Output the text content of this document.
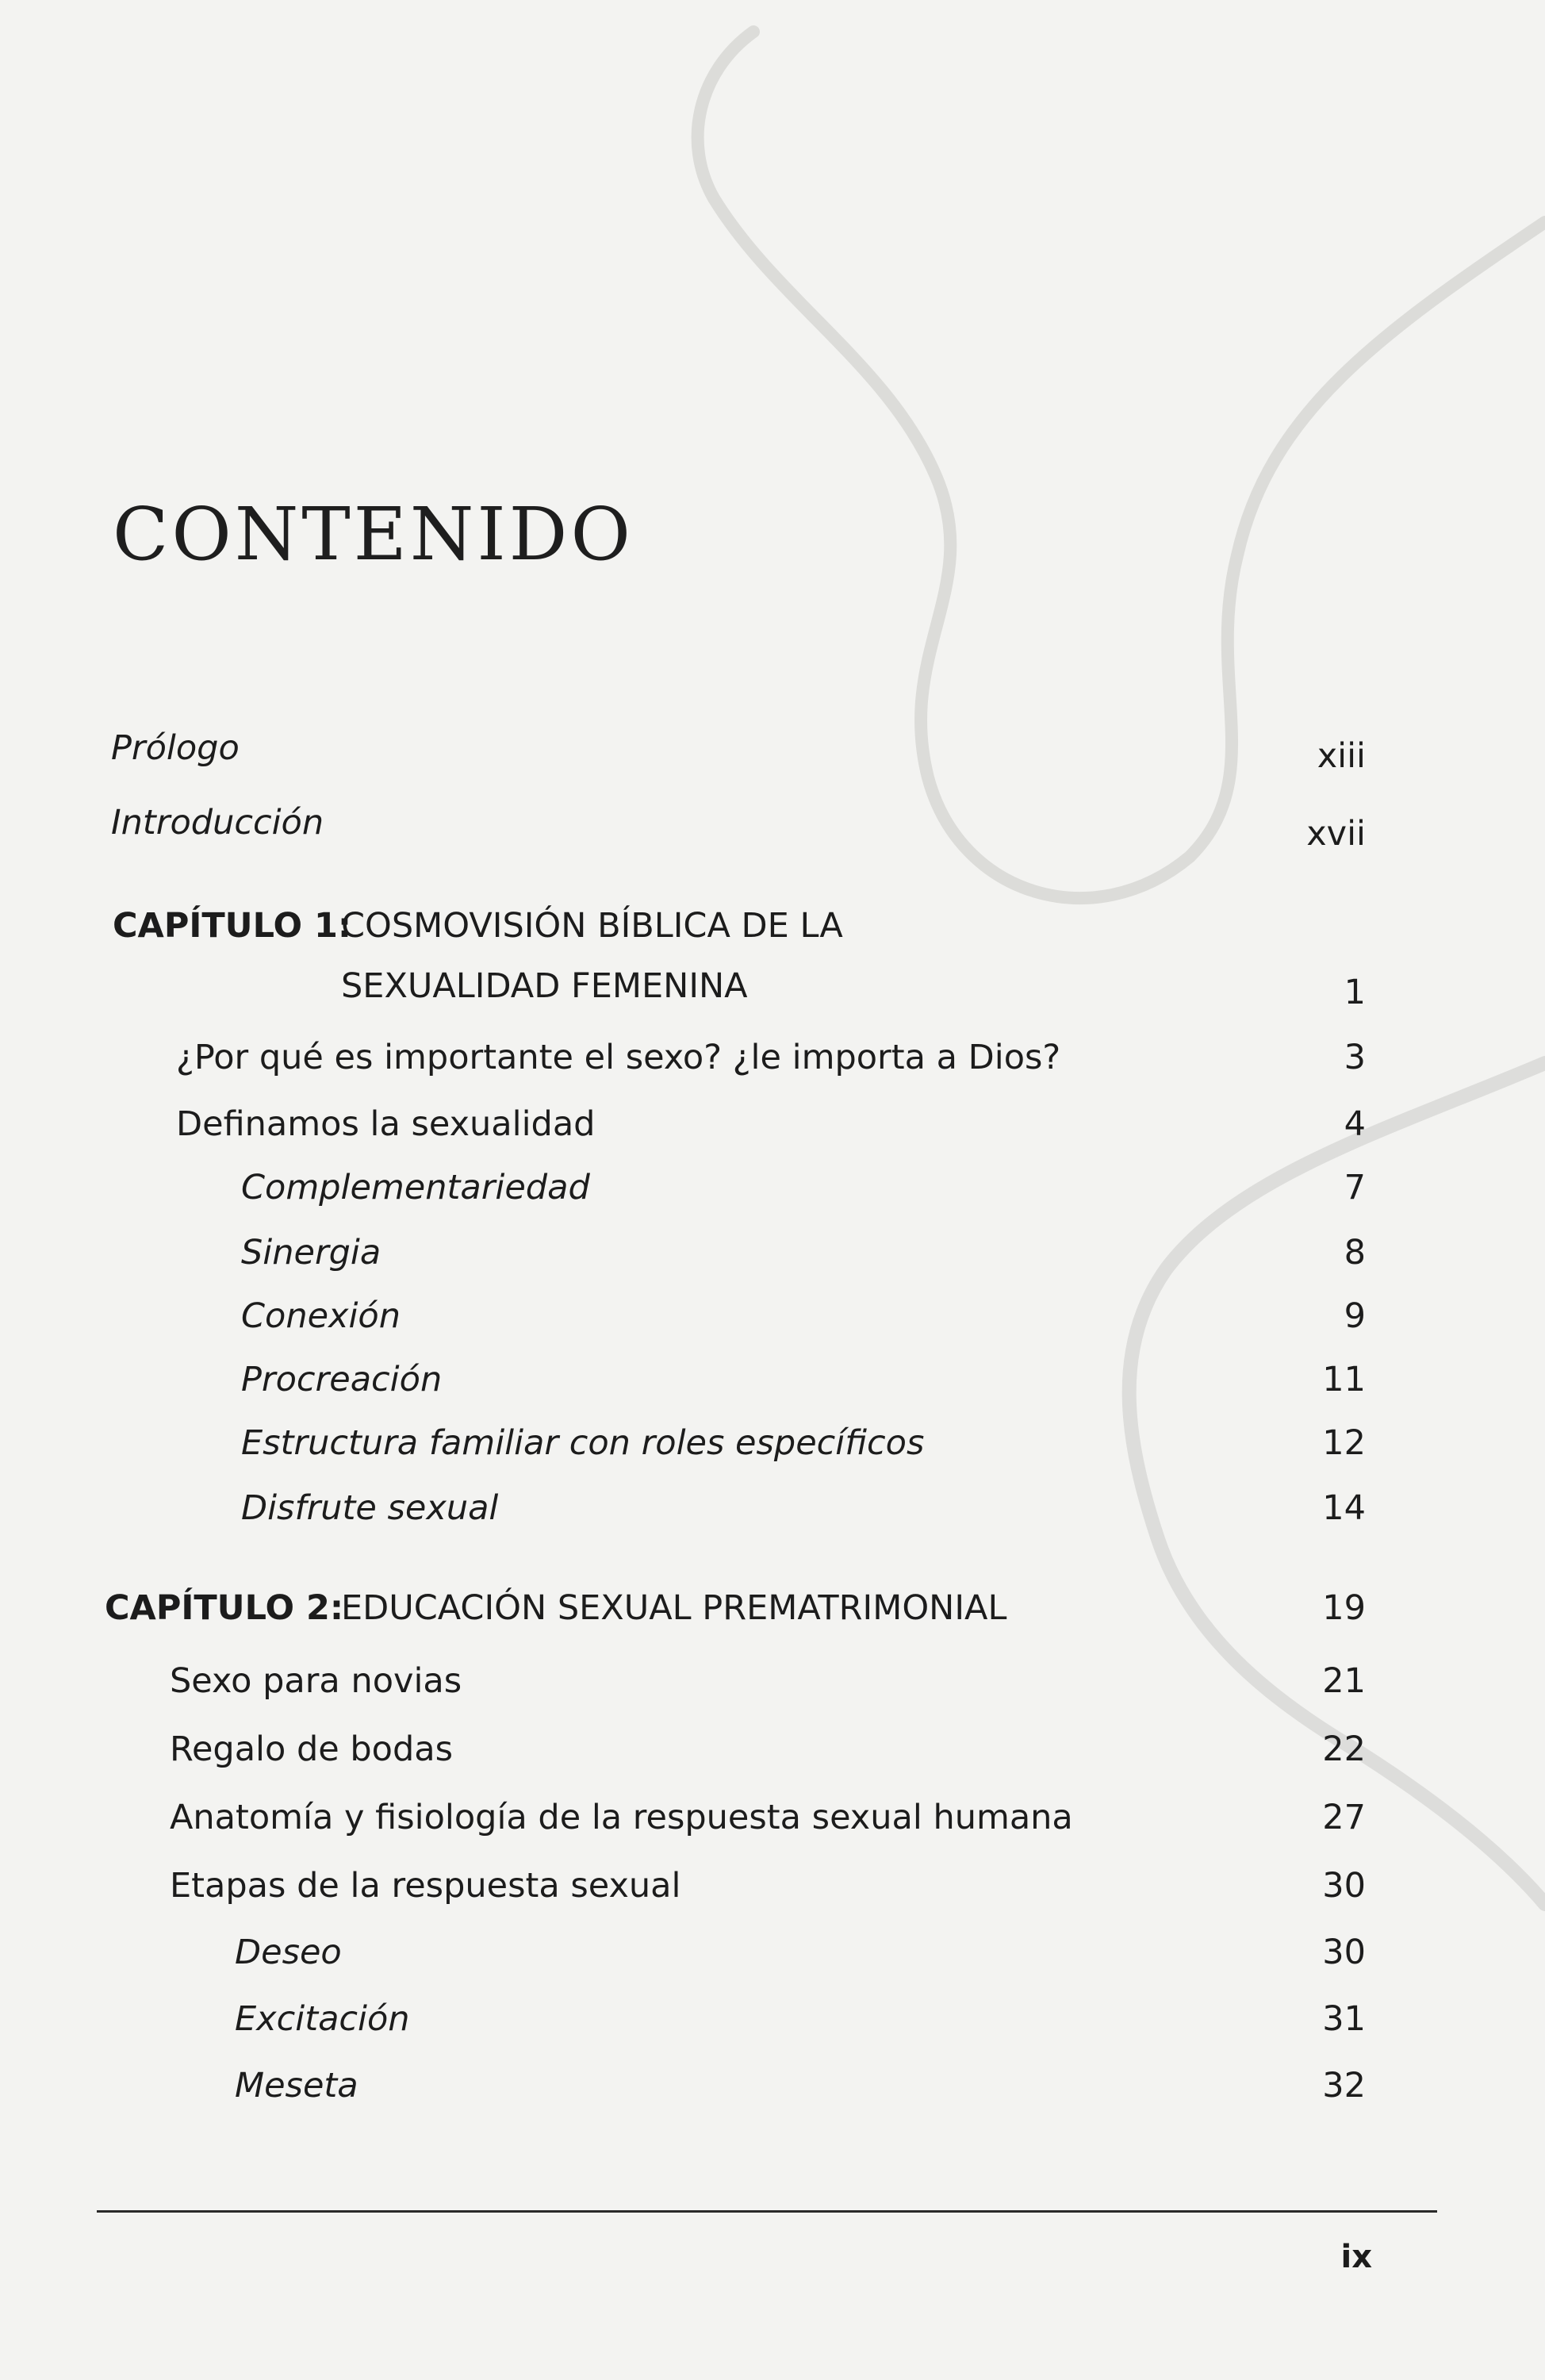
CONTENIDO
Prólogo	xiii
Introducción	xvii
CAPÍTULO 1:
COSMOVISIÓN BÍBLICA DE LA
SEXUALIDAD FEMENINA	1
¿Por qué es importante el sexo? ¿le importa a Dios?	3
Definamos la sexualidad	4
Complementariedad	7
Sinergia	8
Conexión	9
Procreación	11
Estructura familiar con roles específicos	12
Disfrute sexual	14
CAPÍTULO 2:
EDUCACIÓN SEXUAL PREMATRIMONIAL	19
Sexo para novias	21
Regalo de bodas	22
Anatomía y fisiología de la respuesta sexual humana	27
Etapas de la respuesta sexual	30
Deseo	30
Excitación	31
Meseta	32
ix
